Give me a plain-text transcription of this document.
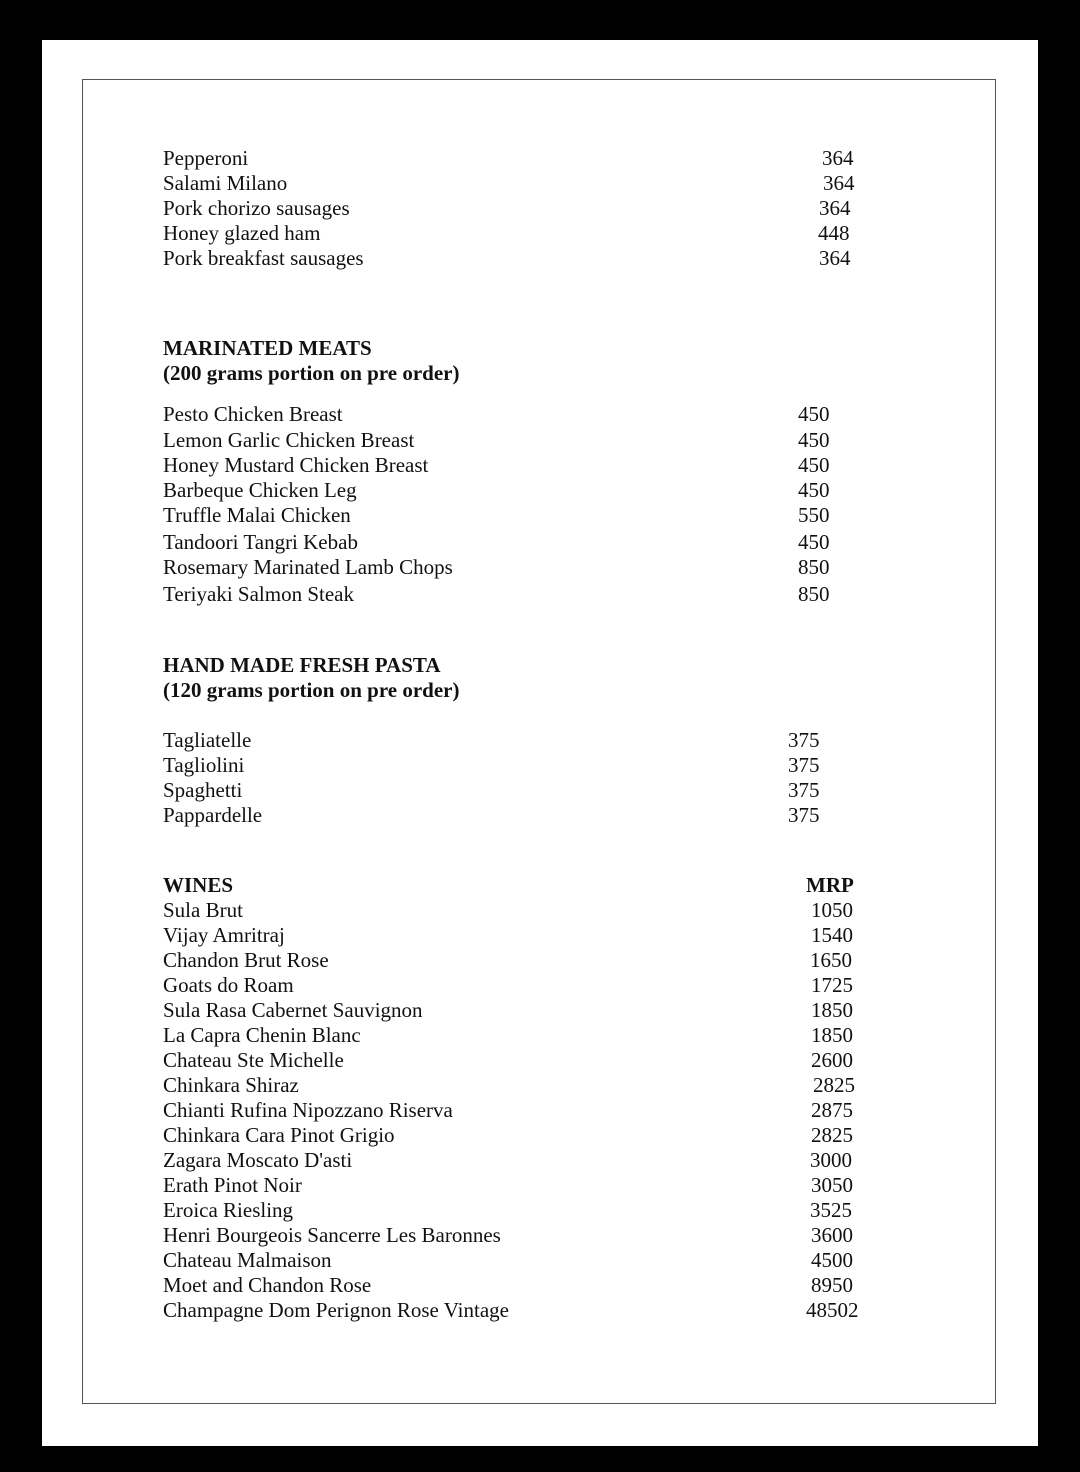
Pepperoni	364
Salami Milano	364
Pork chorizo sausages	364
Honey glazed ham	448
Pork breakfast sausages	364
MARINATED MEATS
(200 grams portion on pre order)
Pesto Chicken Breast	450
Lemon Garlic Chicken Breast	450
Honey Mustard Chicken Breast	450
Barbeque Chicken Leg	450
Truffle Malai Chicken	550
Tandoori Tangri Kebab	450
Rosemary Marinated Lamb Chops	850
Teriyaki Salmon Steak	850
HAND MADE FRESH PASTA
(120 grams portion on pre order)
Tagliatelle	375
Tagliolini	375
Spaghetti	375
Pappardelle	375
WINES	MRP
Sula Brut	1050
Vijay Amritraj	1540
Chandon Brut Rose	1650
Goats do Roam	1725
Sula Rasa Cabernet Sauvignon	1850
La Capra Chenin Blanc	1850
Chateau Ste Michelle	2600
Chinkara Shiraz	2825
Chianti Rufina Nipozzano Riserva	2875
Chinkara Cara Pinot Grigio	2825
Zagara Moscato D'asti	3000
Erath Pinot Noir	3050
Eroica Riesling	3525
Henri Bourgeois Sancerre Les Baronnes	3600
Chateau Malmaison	4500
Moet and Chandon Rose	8950
Champagne Dom Perignon Rose Vintage	48502
